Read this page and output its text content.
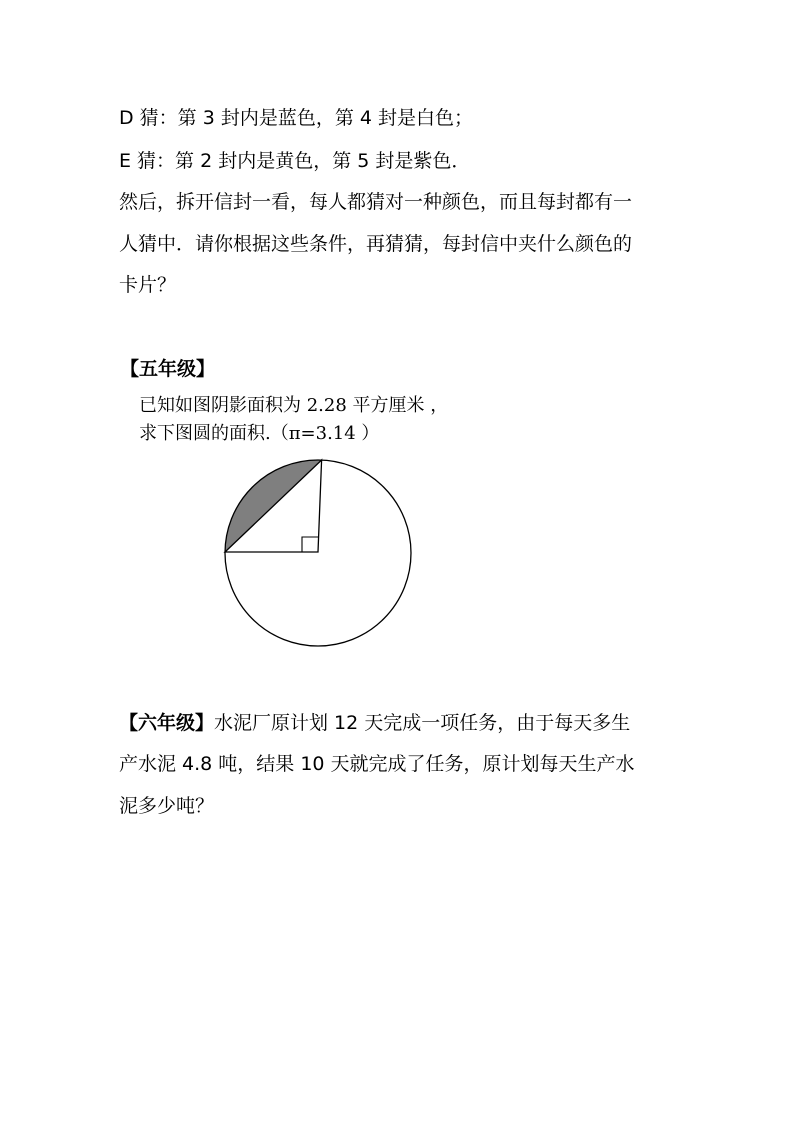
D 猜：第 3 封内是蓝色，第 4 封是白色；
E 猜：第 2 封内是黄色，第 5 封是紫色．
然后，拆开信封一看，每人都猜对一种颜色，而且每封都有一
人猜中．请你根据这些条件，再猜猜，每封信中夹什么颜色的
卡片？
【五年级】
已知如图阴影面积为 2.28 平方厘米 ，
求下图圆的面积.（π=3.14 ）
【六年级】水泥厂原计划 12 天完成一项任务，由于每天多生
产水泥 4.8 吨，结果 10 天就完成了任务，原计划每天生产水
泥多少吨？
